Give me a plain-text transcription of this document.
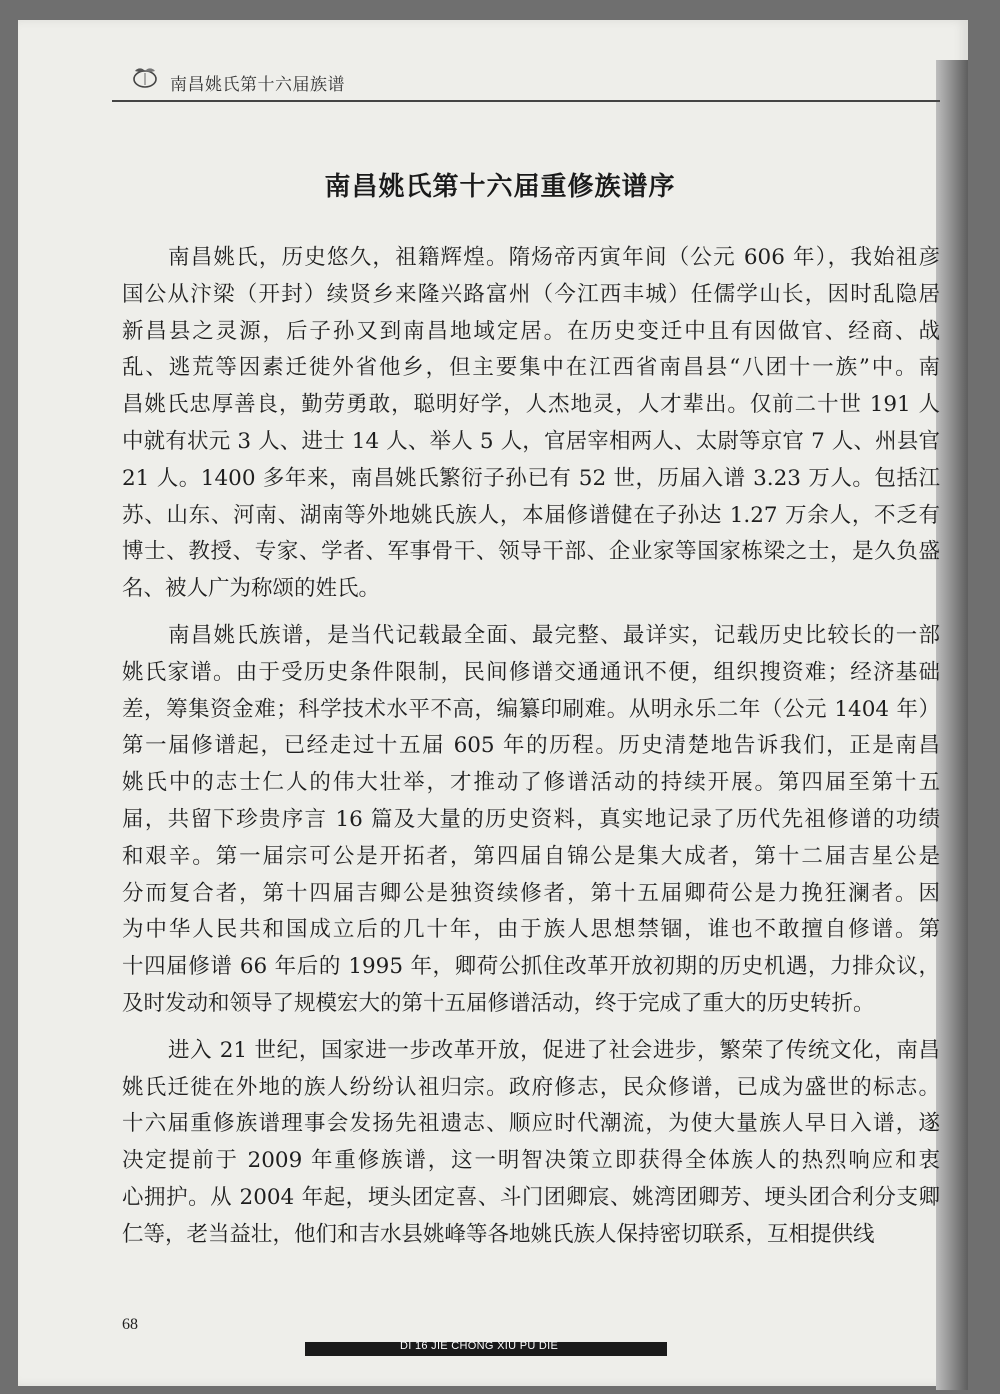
南昌姚氏第十六届族谱
南昌姚氏第十六届重修族谱序
南昌姚氏，历史悠久，祖籍辉煌。隋炀帝丙寅年间（公元 606 年），我始祖彦
国公从汴梁（开封）续贤乡来隆兴路富州（今江西丰城）任儒学山长，因时乱隐居
新昌县之灵源，后子孙又到南昌地域定居。在历史变迁中且有因做官、经商、战
乱、逃荒等因素迁徙外省他乡，但主要集中在江西省南昌县“八团十一族”中。南
昌姚氏忠厚善良，勤劳勇敢，聪明好学，人杰地灵，人才辈出。仅前二十世 191 人
中就有状元 3 人、进士 14 人、举人 5 人，官居宰相两人、太尉等京官 7 人、州县官
21 人。1400 多年来，南昌姚氏繁衍子孙已有 52 世，历届入谱 3.23 万人。包括江
苏、山东、河南、湖南等外地姚氏族人，本届修谱健在子孙达 1.27 万余人，不乏有
博士、教授、专家、学者、军事骨干、领导干部、企业家等国家栋梁之士，是久负盛
名、被人广为称颂的姓氏。
南昌姚氏族谱，是当代记载最全面、最完整、最详实，记载历史比较长的一部
姚氏家谱。由于受历史条件限制，民间修谱交通通讯不便，组织搜资难；经济基础
差，筹集资金难；科学技术水平不高，编纂印刷难。从明永乐二年（公元 1404 年）
第一届修谱起，已经走过十五届 605 年的历程。历史清楚地告诉我们，正是南昌
姚氏中的志士仁人的伟大壮举，才推动了修谱活动的持续开展。第四届至第十五
届，共留下珍贵序言 16 篇及大量的历史资料，真实地记录了历代先祖修谱的功绩
和艰辛。第一届宗可公是开拓者，第四届自锦公是集大成者，第十二届吉星公是
分而复合者，第十四届吉卿公是独资续修者，第十五届卿荷公是力挽狂澜者。因
为中华人民共和国成立后的几十年，由于族人思想禁锢，谁也不敢擅自修谱。第
十四届修谱 66 年后的 1995 年，卿荷公抓住改革开放初期的历史机遇，力排众议，
及时发动和领导了规模宏大的第十五届修谱活动，终于完成了重大的历史转折。
进入 21 世纪，国家进一步改革开放，促进了社会进步，繁荣了传统文化，南昌
姚氏迁徙在外地的族人纷纷认祖归宗。政府修志，民众修谱，已成为盛世的标志。
十六届重修族谱理事会发扬先祖遗志、顺应时代潮流，为使大量族人早日入谱，遂
决定提前于 2009 年重修族谱，这一明智决策立即获得全体族人的热烈响应和衷
心拥护。从 2004 年起，埂头团定喜、斗门团卿宸、姚湾团卿芳、埂头团合利分支卿
仁等，老当益壮，他们和吉水县姚峰等各地姚氏族人保持密切联系，互相提供线
68
DI 16 JIE CHONG XIU PU DIE
